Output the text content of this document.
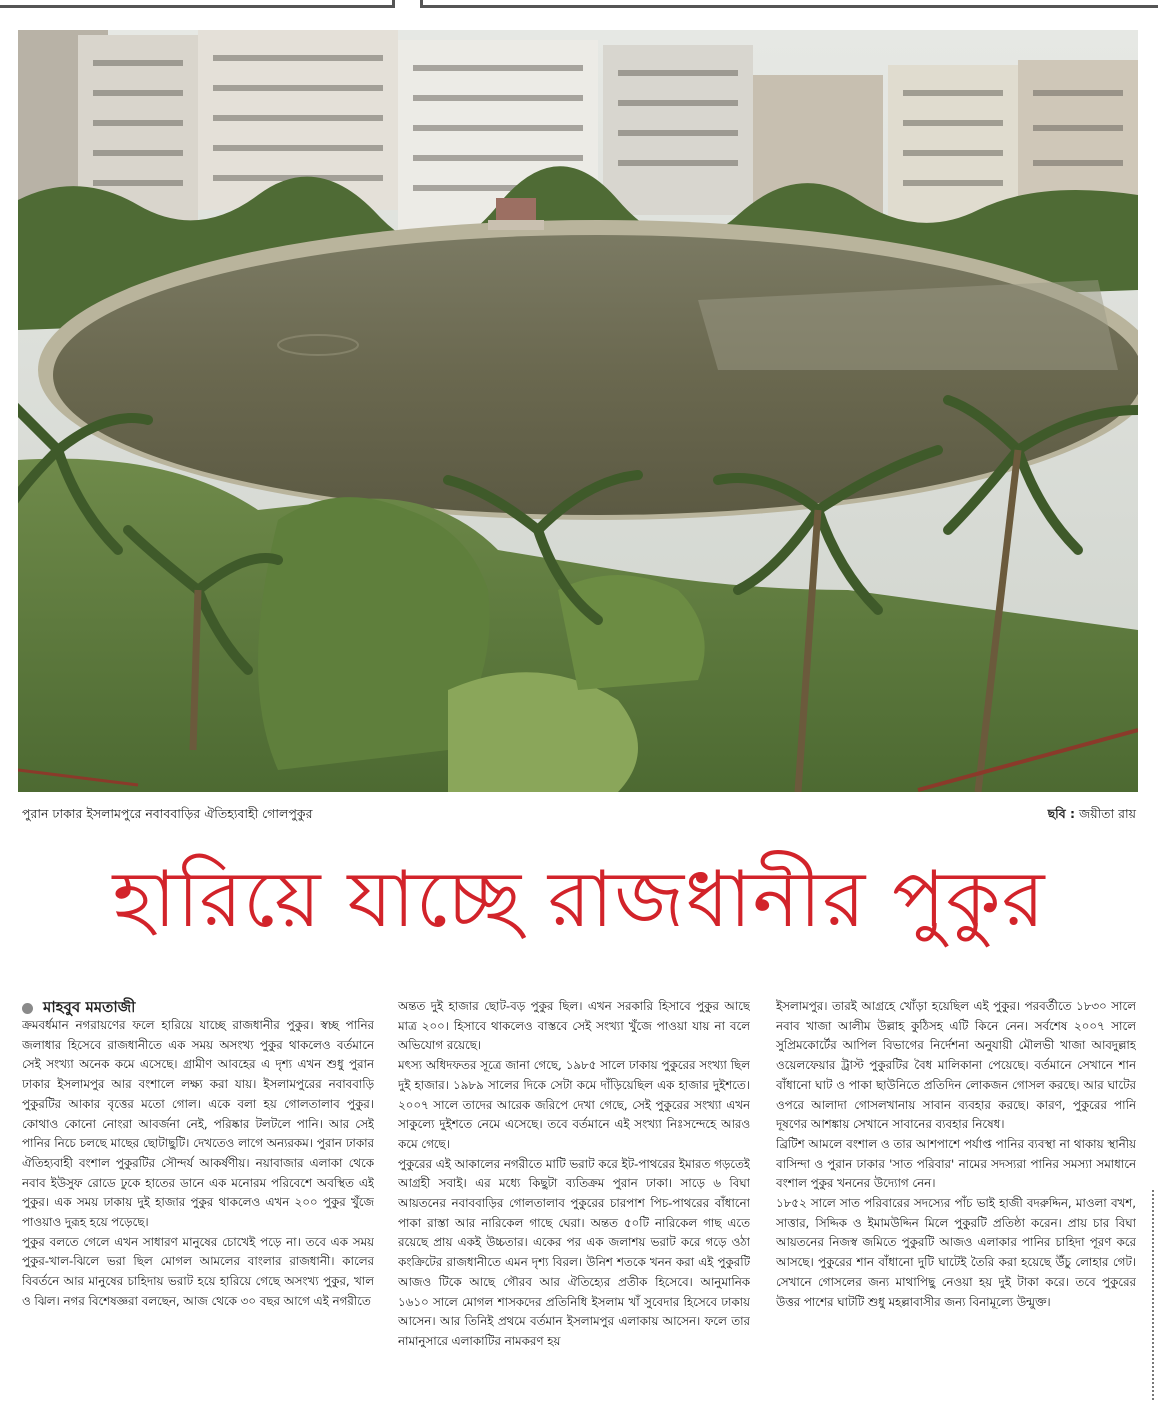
পুরান ঢাকার ইসলামপুরে নবাববাড়ির ঐতিহ্যবাহী গোলপুকুর	ছবি : জয়ীতা রায়
হারিয়ে যাচ্ছে রাজধানীর পুকুর
মাহবুব মমতাজী

ক্রমবর্ধমান নগরায়ণের ফলে হারিয়ে যাচ্ছে রাজধানীর পুকুর। স্বচ্ছ পানির জলাধার হিসেবে রাজধানীতে এক সময় অসংখ্য পুকুর থাকলেও বর্তমানে সেই সংখ্যা অনেক কমে এসেছে। গ্রামীণ আবহের এ দৃশ্য এখন শুধু পুরান ঢাকার ইসলামপুর আর বংশালে লক্ষ্য করা যায়। ইসলামপুরের নবাববাড়ি পুকুরটির আকার বৃত্তের মতো গোল। একে বলা হয় গোলতালাব পুকুর। কোথাও কোনো নোংরা আবর্জনা নেই, পরিষ্কার টলটলে পানি। আর সেই পানির নিচে চলছে মাছের ছোটাছুটি। দেখতেও লাগে অন্যরকম। পুরান ঢাকার ঐতিহ্যবাহী বংশাল পুকুরটির সৌন্দর্য আকর্ষণীয়। নয়াবাজার এলাকা থেকে নবাব ইউসুফ রোডে ঢুকে হাতের ডানে এক মনোরম পরিবেশে অবস্থিত এই পুকুর। এক সময় ঢাকায় দুই হাজার পুকুর থাকলেও এখন ২০০ পুকুর খুঁজে পাওয়াও দুরূহ হয়ে পড়েছে।

পুকুর বলতে গেলে এখন সাধারণ মানুষের চোখেই পড়ে না। তবে এক সময় পুকুর-খাল-ঝিলে ভরা ছিল মোগল আমলের বাংলার রাজধানী। কালের বিবর্তনে আর মানুষের চাহিদায় ভরাট হয়ে হারিয়ে গেছে অসংখ্য পুকুর, খাল ও ঝিল। নগর বিশেষজ্ঞরা বলছেন, আজ থেকে ৩০ বছর আগে এই নগরীতে

অন্তত দুই হাজার ছোট-বড় পুকুর ছিল। এখন সরকারি হিসাবে পুকুর আছে মাত্র ২০০। হিসাবে থাকলেও বাস্তবে সেই সংখ্যা খুঁজে পাওয়া যায় না বলে অভিযোগ রয়েছে।

মৎস্য অধিদফতর সূত্রে জানা গেছে, ১৯৮৫ সালে ঢাকায় পুকুরের সংখ্যা ছিল দুই হাজার। ১৯৮৯ সালের দিকে সেটা কমে দাঁড়িয়েছিল এক হাজার দুইশতে। ২০০৭ সালে তাদের আরেক জরিপে দেখা গেছে, সেই পুকুরের সংখ্যা এখন সাকুল্যে দুইশতে নেমে এসেছে। তবে বর্তমানে এই সংখ্যা নিঃসন্দেহে আরও কমে গেছে।

পুকুরের এই আকালের নগরীতে মাটি ভরাট করে ইট-পাথরের ইমারত গড়তেই আগ্রহী সবাই। এর মধ্যে কিছুটা ব্যতিক্রম পুরান ঢাকা। সাড়ে ৬ বিঘা আয়তনের নবাববাড়ির গোলতালাব পুকুরের চারপাশ পিচ-পাথরের বাঁধানো পাকা রাস্তা আর নারিকেল গাছে ঘেরা। অন্তত ৫০টি নারিকেল গাছ এতে রয়েছে প্রায় একই উচ্চতার। একের পর এক জলাশয় ভরাট করে গড়ে ওঠা কংক্রিটের রাজধানীতে এমন দৃশ্য বিরল। উনিশ শতকে খনন করা এই পুকুরটি আজও টিকে আছে গৌরব আর ঐতিহ্যের প্রতীক হিসেবে। আনুমানিক ১৬১০ সালে মোগল শাসকদের প্রতিনিধি ইসলাম খাঁ সুবেদার হিসেবে ঢাকায় আসেন। আর তিনিই প্রথমে বর্তমান ইসলামপুর এলাকায় আসেন। ফলে তার নামানুসারে এলাকাটির নামকরণ হয়

ইসলামপুর। তারই আগ্রহে খোঁড়া হয়েছিল এই পুকুর। পরবর্তীতে ১৮৩০ সালে নবাব খাজা আলীম উল্লাহ কুঠিসহ এটি কিনে নেন। সর্বশেষ ২০০৭ সালে সুপ্রিমকোর্টের আপিল বিভাগের নির্দেশনা অনুযায়ী মৌলভী খাজা আবদুল্লাহ ওয়েলফেয়ার ট্রাস্ট পুকুরটির বৈধ মালিকানা পেয়েছে। বর্তমানে সেখানে শান বাঁধানো ঘাট ও পাকা ছাউনিতে প্রতিদিন লোকজন গোসল করছে। আর ঘাটের ওপরে আলাদা গোসলখানায় সাবান ব্যবহার করছে। কারণ, পুকুরের পানি দূষণের আশঙ্কায় সেখানে সাবানের ব্যবহার নিষেধ।

ব্রিটিশ আমলে বংশাল ও তার আশপাশে পর্যাপ্ত পানির ব্যবস্থা না থাকায় স্থানীয় বাসিন্দা ও পুরান ঢাকার 'সাত পরিবার' নামের সদস্যরা পানির সমস্যা সমাধানে বংশাল পুকুর খননের উদ্যোগ নেন।

১৮৫২ সালে সাত পরিবারের সদস্যের পাঁচ ভাই হাজী বদরুদ্দিন, মাওলা বখশ, সাত্তার, সিদ্দিক ও ইমামউদ্দিন মিলে পুকুরটি প্রতিষ্ঠা করেন। প্রায় চার বিঘা আয়তনের নিজস্ব জমিতে পুকুরটি আজও এলাকার পানির চাহিদা পূরণ করে আসছে। পুকুরের শান বাঁধানো দুটি ঘাটেই তৈরি করা হয়েছে উঁচু লোহার গেট। সেখানে গোসলের জন্য মাথাপিছু নেওয়া হয় দুই টাকা করে। তবে পুকুরের উত্তর পাশের ঘাটটি শুধু মহল্লাবাসীর জন্য বিনামূল্যে উন্মুক্ত।
